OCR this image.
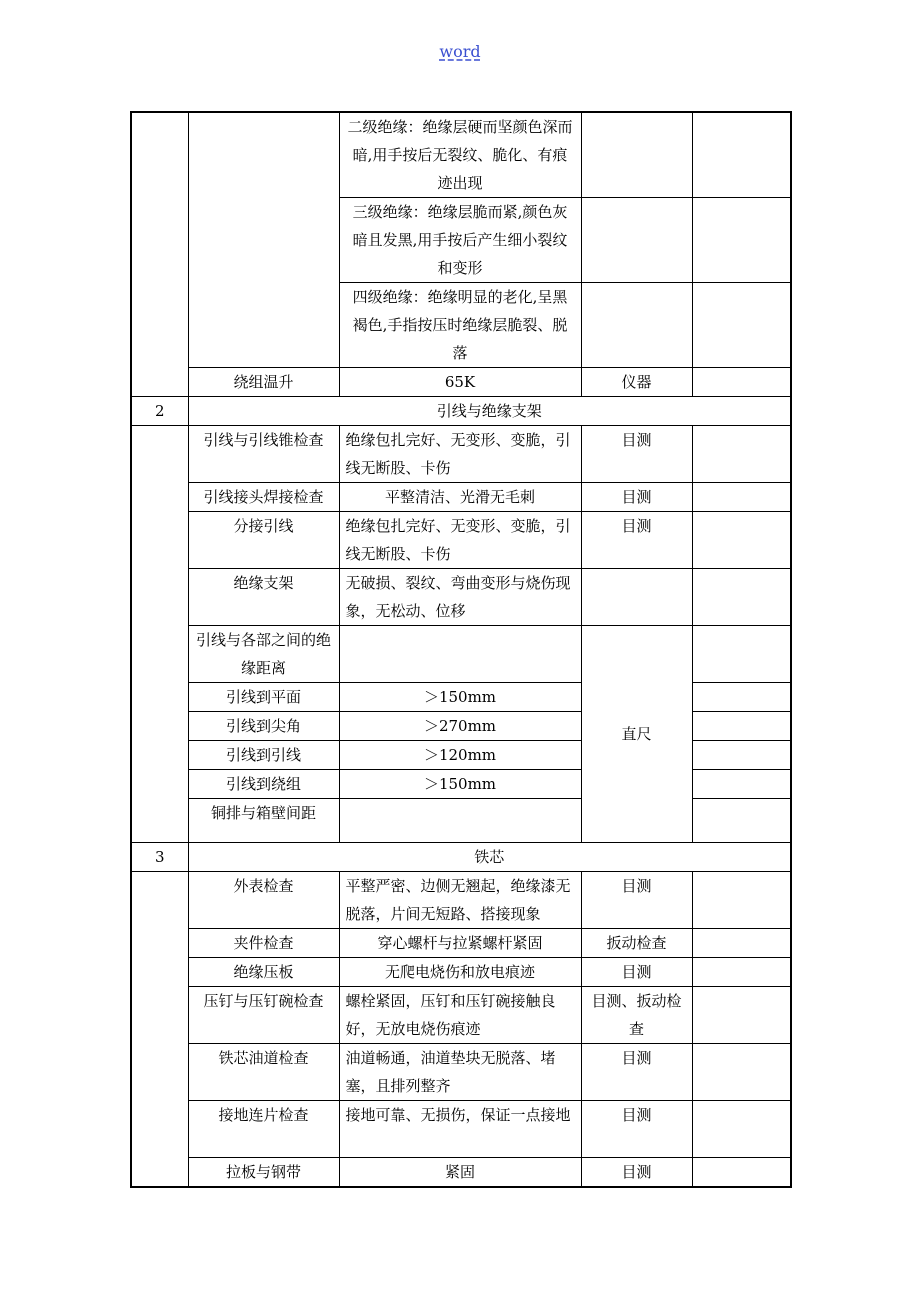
word
		二级绝缘：绝缘层硬而坚颜色深而暗,用手按后无裂纹、脆化、有痕迹出现		
		三级绝缘：绝缘层脆而紧,颜色灰暗且发黑,用手按后产生细小裂纹和变形		
		四级绝缘：绝缘明显的老化,呈黑褐色,手指按压时绝缘层脆裂、脱落		
	绕组温升	65K	仪器	
2	引线与绝缘支架			
	引线与引线锥检查	绝缘包扎完好、无变形、变脆，引线无断股、卡伤	目测	
	引线接头焊接检查	平整清洁、光滑无毛刺	目测	
	分接引线	绝缘包扎完好、无变形、变脆，引线无断股、卡伤	目测	
	绝缘支架	无破损、裂纹、弯曲变形与烧伤现象，无松动、位移		
	引线与各部之间的绝缘距离		直尺	
	引线到平面	＞150mm		
	引线到尖角	＞270mm		
	引线到引线	＞120mm		
	引线到绕组	＞150mm		
	铜排与箱壁间距			
3	铁芯			
	外表检查	平整严密、边侧无翘起，绝缘漆无脱落，片间无短路、搭接现象	目测	
	夹件检查	穿心螺杆与拉紧螺杆紧固	扳动检查	
	绝缘压板	无爬电烧伤和放电痕迹	目测	
	压钉与压钉碗检查	螺栓紧固，压钉和压钉碗接触良好，无放电烧伤痕迹	目测、扳动检查	
	铁芯油道检查	油道畅通，油道垫块无脱落、堵塞，且排列整齐	目测	
	接地连片检查	接地可靠、无损伤，保证一点接地	目测	
	拉板与钢带	紧固	目测	
